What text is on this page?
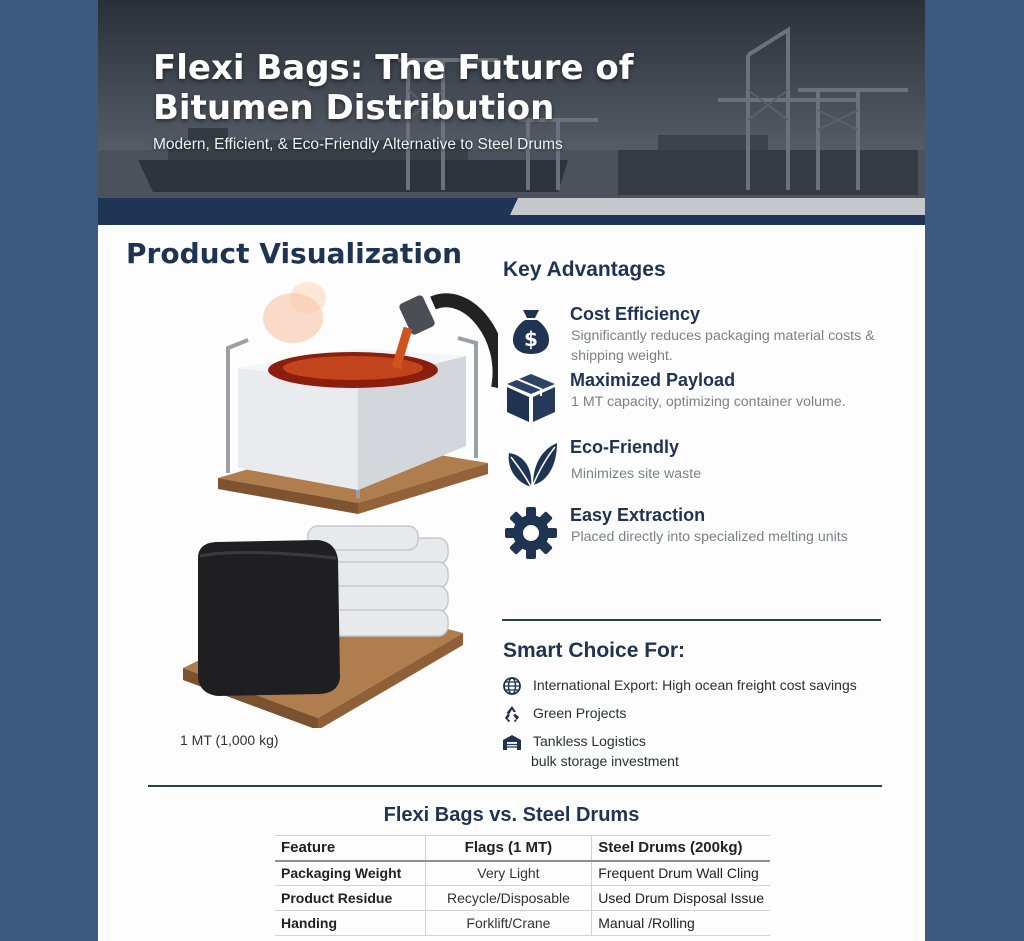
Flexi Bags: The Future of Bitumen Distribution
Modern, Efficient, & Eco-Friendly Alternative to Steel Drums
Product Visualization
1 MT (1,000 kg)
Key Advantages
$
Cost Efficiency
Significantly reduces packaging material costs & shipping weight.
Maximized Payload
1 MT capacity, optimizing container volume.
Eco-Friendly
Minimizes site waste
Easy Extraction
Placed directly into specialized melting units
Smart Choice For:
International Export: High ocean freight cost savings
Green Projects
Tankless Logistics
bulk storage investment
Flexi Bags vs. Steel Drums
Feature	Flags (1 MT)	Steel Drums (200kg)
Packaging Weight	Very Light	Frequent Drum Wall Cling
Product Residue	Recycle/Disposable	Used Drum Disposal Issue
Handing	Forklift/Crane	Manual /Rolling
